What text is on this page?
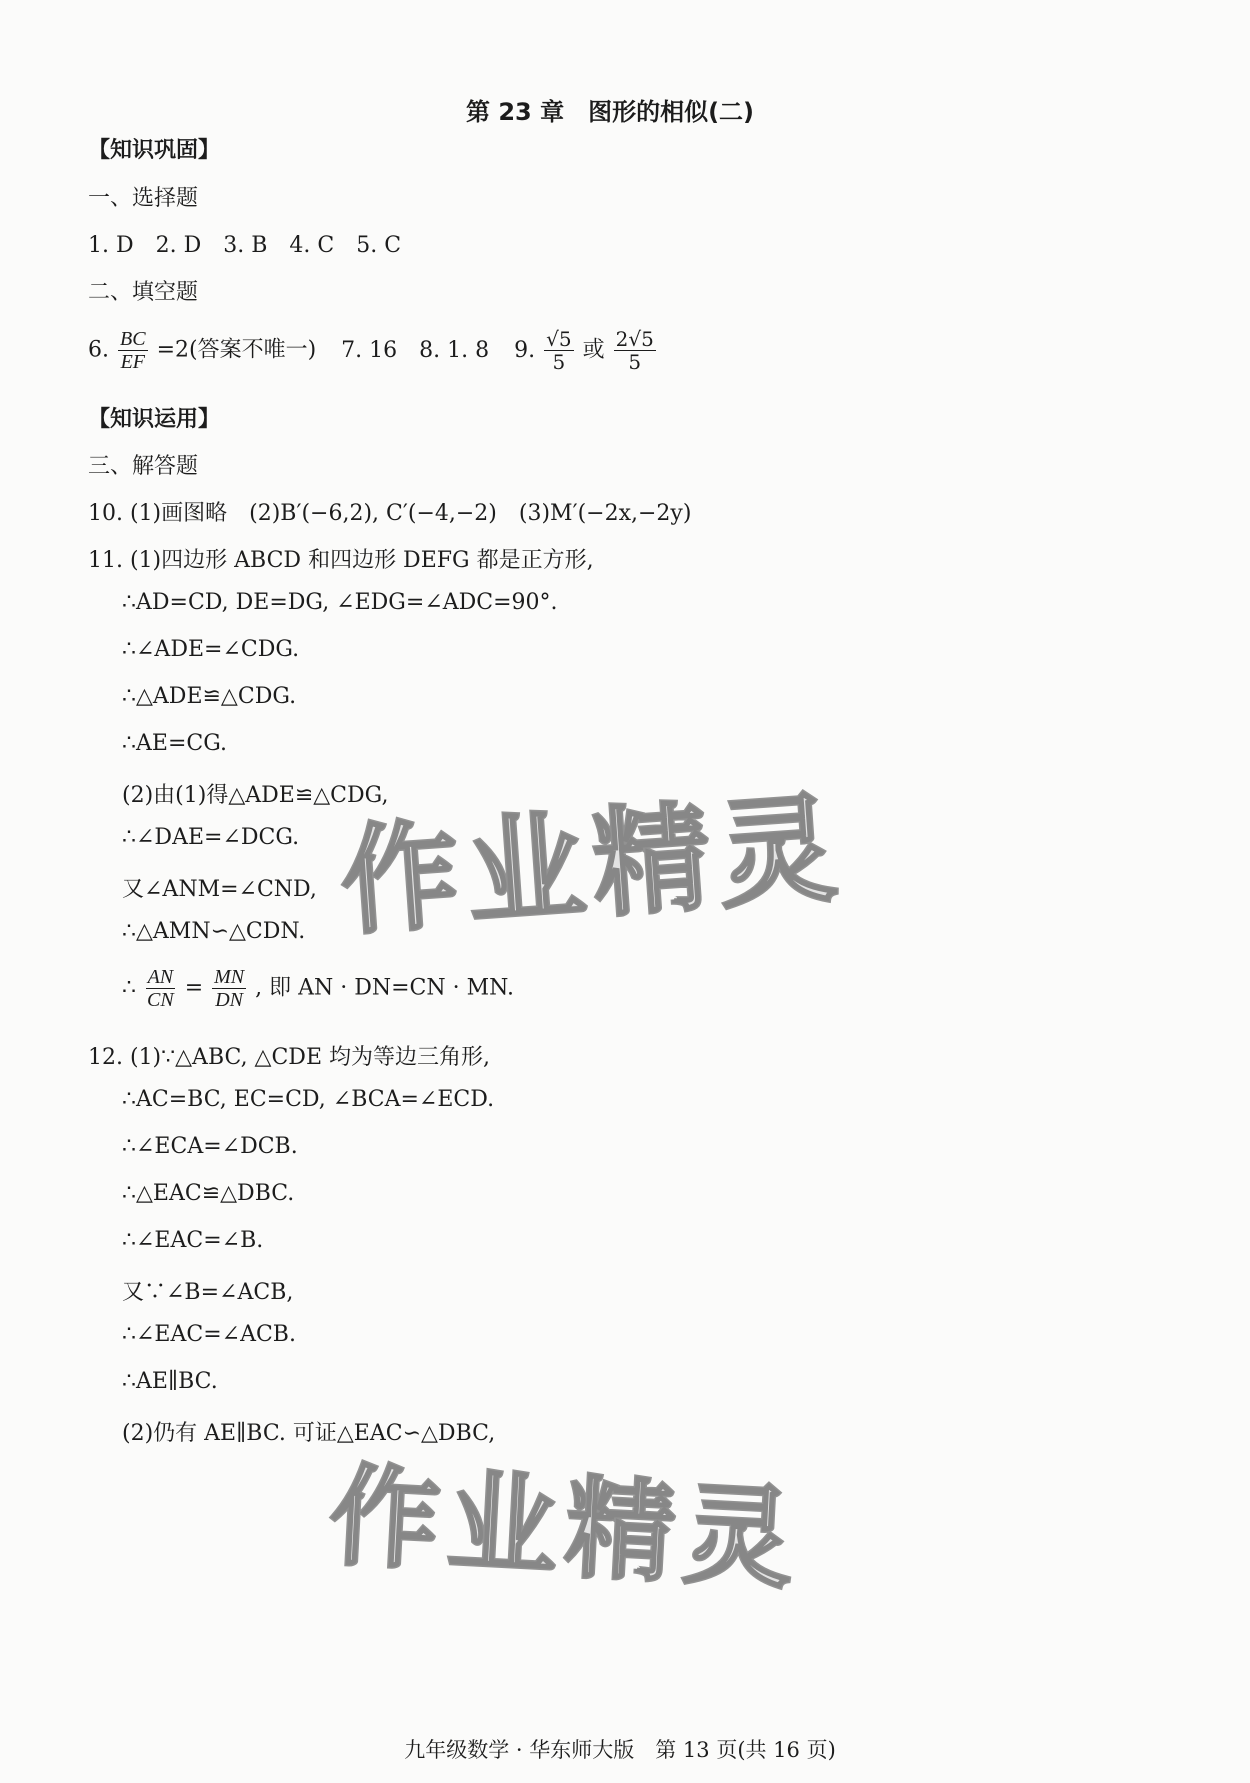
第 23 章　图形的相似(二)
【知识巩固】
一、选择题
1. D　2. D　3. B　4. C　5. C
二、填空题
6. $\frac{BC}{EF} =2$(答案不唯一) 7. 16　8. 1. 8 9. $\frac{√5}{5}$ 或 $\frac{2√5}{5}$
【知识运用】
三、解答题
10. (1)画图略　(2)B′(−6,2), C′(−4,−2)　(3)M′(−2x,−2y)
11. (1)四边形 ABCD 和四边形 DEFG 都是正方形,
∴AD=CD, DE=DG, ∠EDG=∠ADC=90°.
∴∠ADE=∠CDG.
∴△ADE≌△CDG.
∴AE=CG.
(2)由(1)得△ADE≌△CDG,
∴∠DAE=∠DCG.
又∠ANM=∠CND,
∴△AMN∽△CDN.
∴ $\frac{AN}{CN} = \frac{MN}{DN}$ , 即 AN · DN=CN · MN.
12. (1)∵△ABC, △CDE 均为等边三角形,
∴AC=BC, EC=CD, ∠BCA=∠ECD.
∴∠ECA=∠DCB.
∴△EAC≌△DBC.
∴∠EAC=∠B.
又∵∠B=∠ACB,
∴∠EAC=∠ACB.
∴AE∥BC.
(2)仍有 AE∥BC. 可证△EAC∽△DBC,
作业精灵
作业精灵
九年级数学 · 华东师大版　第 13 页(共 16 页)
